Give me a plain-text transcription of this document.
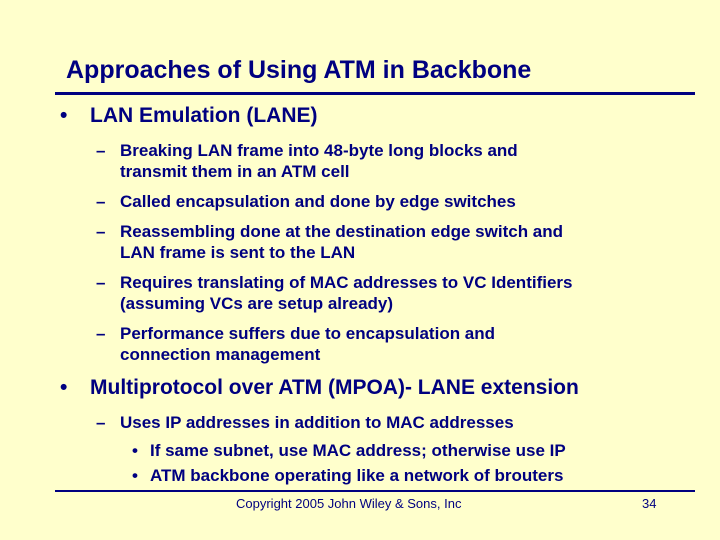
Approaches of Using ATM in Backbone
• LAN Emulation (LANE)
– Breaking LAN frame into 48-byte long blocks and
transmit them in an ATM cell
– Called encapsulation and done by edge switches
– Reassembling done at the destination edge switch and
LAN frame is sent to the LAN
– Requires translating of MAC addresses to VC Identifiers
(assuming VCs are setup already)
– Performance suffers due to encapsulation and
connection management
• Multiprotocol over ATM (MPOA)- LANE extension
– Uses IP addresses in addition to MAC addresses
• If same subnet, use MAC address; otherwise use IP
• ATM backbone operating like a network of brouters
Copyright 2005 John Wiley & Sons, Inc	34
